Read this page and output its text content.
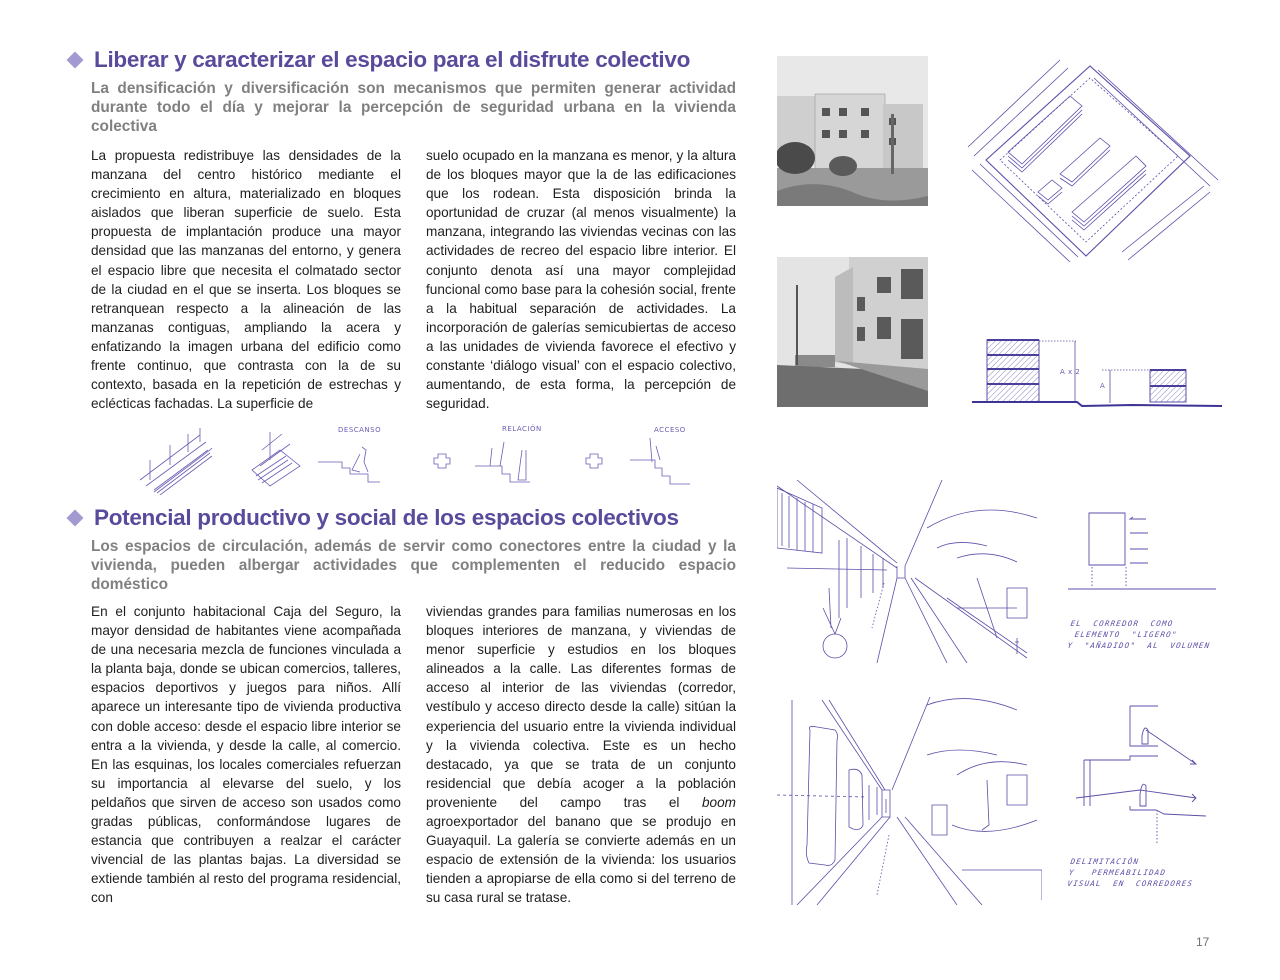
Liberar y caracterizar el espacio para el disfrute colectivo
La densificación y diversificación son mecanismos que permiten generar actividad durante todo el día y mejorar la percepción de seguridad urbana en la vivienda colectiva

La propuesta redistribuye las densidades de la manzana del centro histórico mediante el crecimiento en altura, materializado en bloques aislados que liberan superficie de suelo. Esta propuesta de implantación produce una mayor densidad que las manzanas del entorno, y genera el espacio libre que necesita el colmatado sector de la ciudad en el que se inserta. Los bloques se retranquean respecto a la alineación de las manzanas contiguas, ampliando la acera y enfatizando la imagen urbana del edificio como frente continuo, que contrasta con la de su contexto, basada en la repetición de estrechas y eclécticas fachadas. La superficie de

suelo ocupado en la manzana es menor, y la altura de los bloques mayor que la de las edificaciones que los rodean. Esta disposición brinda la oportunidad de cruzar (al menos visualmente) la manzana, integrando las viviendas vecinas con las actividades de recreo del espacio libre interior. El conjunto denota así una mayor complejidad funcional como base para la cohesión social, frente a la habitual separación de actividades. La incorporación de galerías semicubiertas de acceso a las unidades de vivienda favorece el efectivo y constante ‘diálogo visual’ con el espacio colectivo, aumentando, de esta forma, la percepción de seguridad.

A x 2
A
DESCANSO	RELACIÓN	ACCESO
Potencial productivo y social de los espacios colectivos
Los espacios de circulación, además de servir como conectores entre la ciudad y la vivienda, pueden albergar actividades que complementen el reducido espacio doméstico

En el conjunto habitacional Caja del Seguro, la mayor densidad de habitantes viene acompañada de una necesaria mezcla de funciones vinculada a la planta baja, donde se ubican comercios, talleres, espacios deportivos y juegos para niños. Allí aparece un interesante tipo de vivienda productiva con doble acceso: desde el espacio libre interior se entra a la vivienda, y desde la calle, al comercio. En las esquinas, los locales comerciales refuerzan su importancia al elevarse del suelo, y los peldaños que sirven de acceso son usados como gradas públicas, conformándose lugares de estancia que contribuyen a realzar el carácter vivencial de las plantas bajas. La diversidad se extiende también al resto del programa residencial, con

viviendas grandes para familias numerosas en los bloques interiores de manzana, y viviendas de menor superficie y estudios en los bloques alineados a la calle. Las diferentes formas de acceso al interior de las viviendas (corredor, vestíbulo y acceso directo desde la calle) sitúan la experiencia del usuario entre la vivienda individual y la vivienda colectiva. Este es un hecho destacado, ya que se trata de un conjunto residencial que debía acoger a la población proveniente del campo tras el boom agroexportador del banano que se produjo en Guayaquil. La galería se convierte además en un espacio de extensión de la vivienda: los usuarios tienden a apropiarse de ella como si del terreno de su casa rural se tratase.

EL  CORREDOR  COMO
ELEMENTO  "LIGERO"
Y  "AÑADIDO"  AL  VOLUMEN
DELIMITACIÓN
Y   PERMEABILIDAD
VISUAL  EN  CORREDORES
17
